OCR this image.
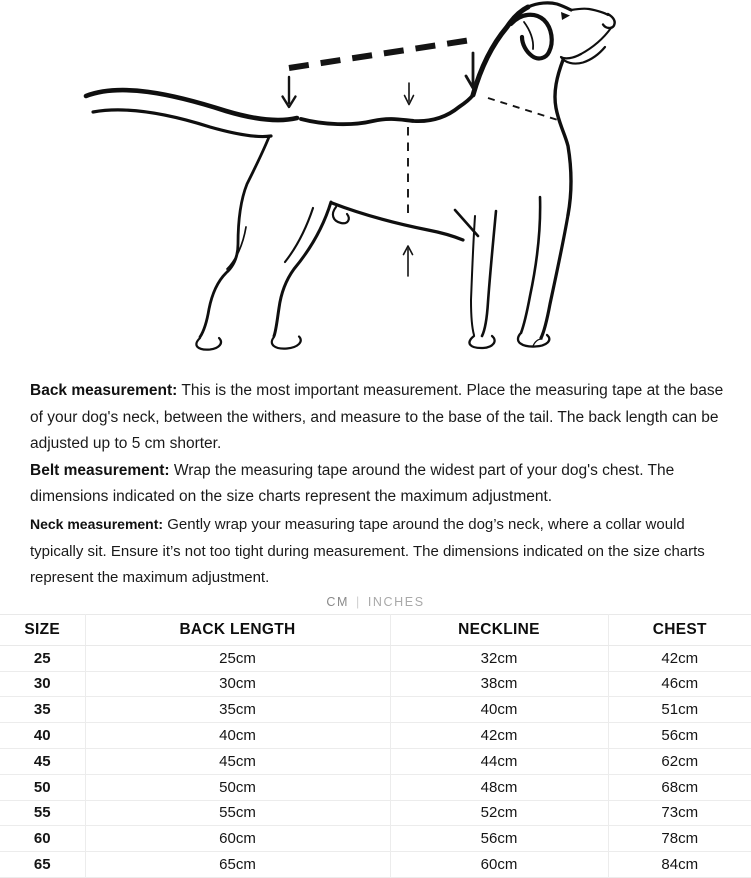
Back measurement: This is the most important measurement. Place the measuring tape at the base of your dog's neck, between the withers, and measure to the base of the tail. The back length can be adjusted up to 5 cm shorter.

Belt measurement: Wrap the measuring tape around the widest part of your dog's chest. The dimensions indicated on the size charts represent the maximum adjustment.

Neck measurement: Gently wrap your measuring tape around the dog’s neck, where a collar would typically sit. Ensure it’s not too tight during measurement. The dimensions indicated on the size charts represent the maximum adjustment.

CM | INCHES
SIZE	BACK LENGTH	NECKLINE	CHEST
25	25cm	32cm	42cm
30	30cm	38cm	46cm
35	35cm	40cm	51cm
40	40cm	42cm	56cm
45	45cm	44cm	62cm
50	50cm	48cm	68cm
55	55cm	52cm	73cm
60	60cm	56cm	78cm
65	65cm	60cm	84cm
